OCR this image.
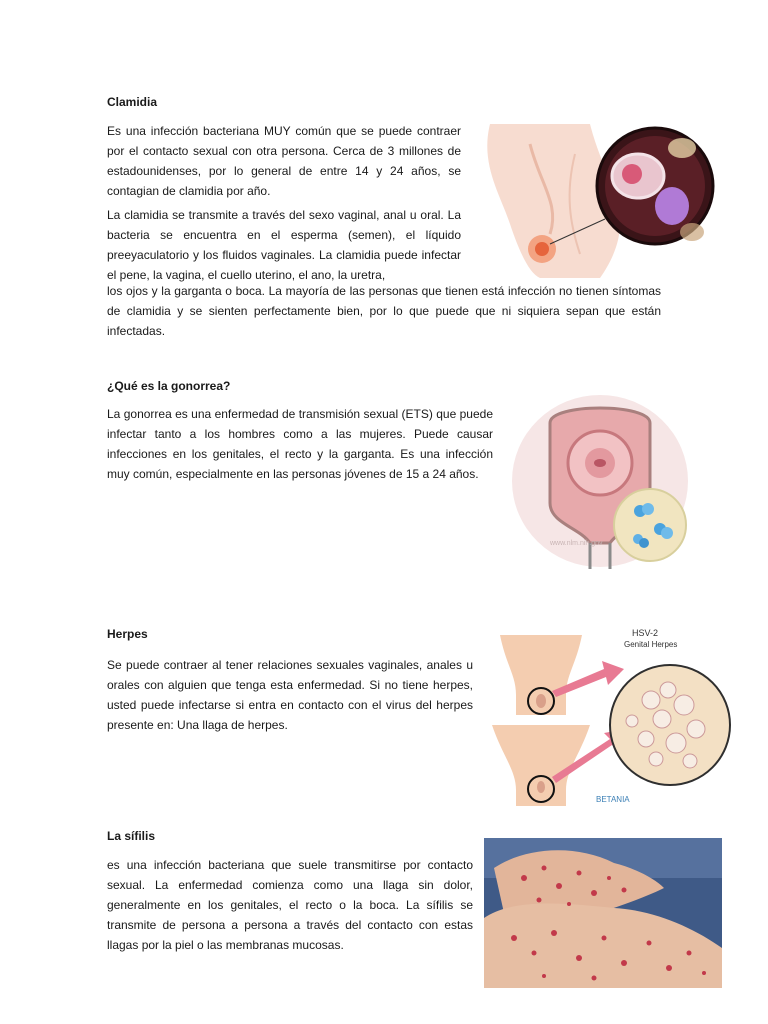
Clamidia

Es una infección bacteriana MUY común que se puede contraer por el contacto sexual con otra persona. Cerca de 3 millones de estadounidenses, por lo general de entre 14 y 24 años, se contagian de clamidia por año.

La clamidia se transmite a través del sexo vaginal, anal u oral. La bacteria se encuentra en el esperma (semen), el líquido preeyaculatorio y los fluidos vaginales. La clamidia puede infectar el pene, la vagina, el cuello uterino, el ano, la uretra,

los ojos y la garganta o boca. La mayoría de las personas que tienen está infección no tienen síntomas de clamidia y se sienten perfectamente bien, por lo que puede que ni siquiera sepan que están infectadas.

¿Qué es la gonorrea?

La gonorrea es una enfermedad de transmisión sexual (ETS) que puede infectar tanto a los hombres como a las mujeres. Puede causar infecciones en los genitales, el recto y la garganta. Es una infección muy común, especialmente en las personas jóvenes de 15 a 24 años.

www.nlm.nih.gov
Herpes

Se puede contraer al tener relaciones sexuales vaginales, anales u orales con alguien que tenga esta enfermedad. Si no tiene herpes, usted puede infectarse si entra en contacto con el virus del herpes presente en: Una llaga de herpes.

HSV-2
Genital Herpes
BETANIA
La sífilis

es una infección bacteriana que suele transmitirse por contacto sexual. La enfermedad comienza como una llaga sin dolor, generalmente en los genitales, el recto o la boca. La sífilis se transmite de persona a persona a través del contacto con estas llagas por la piel o las membranas mucosas.
